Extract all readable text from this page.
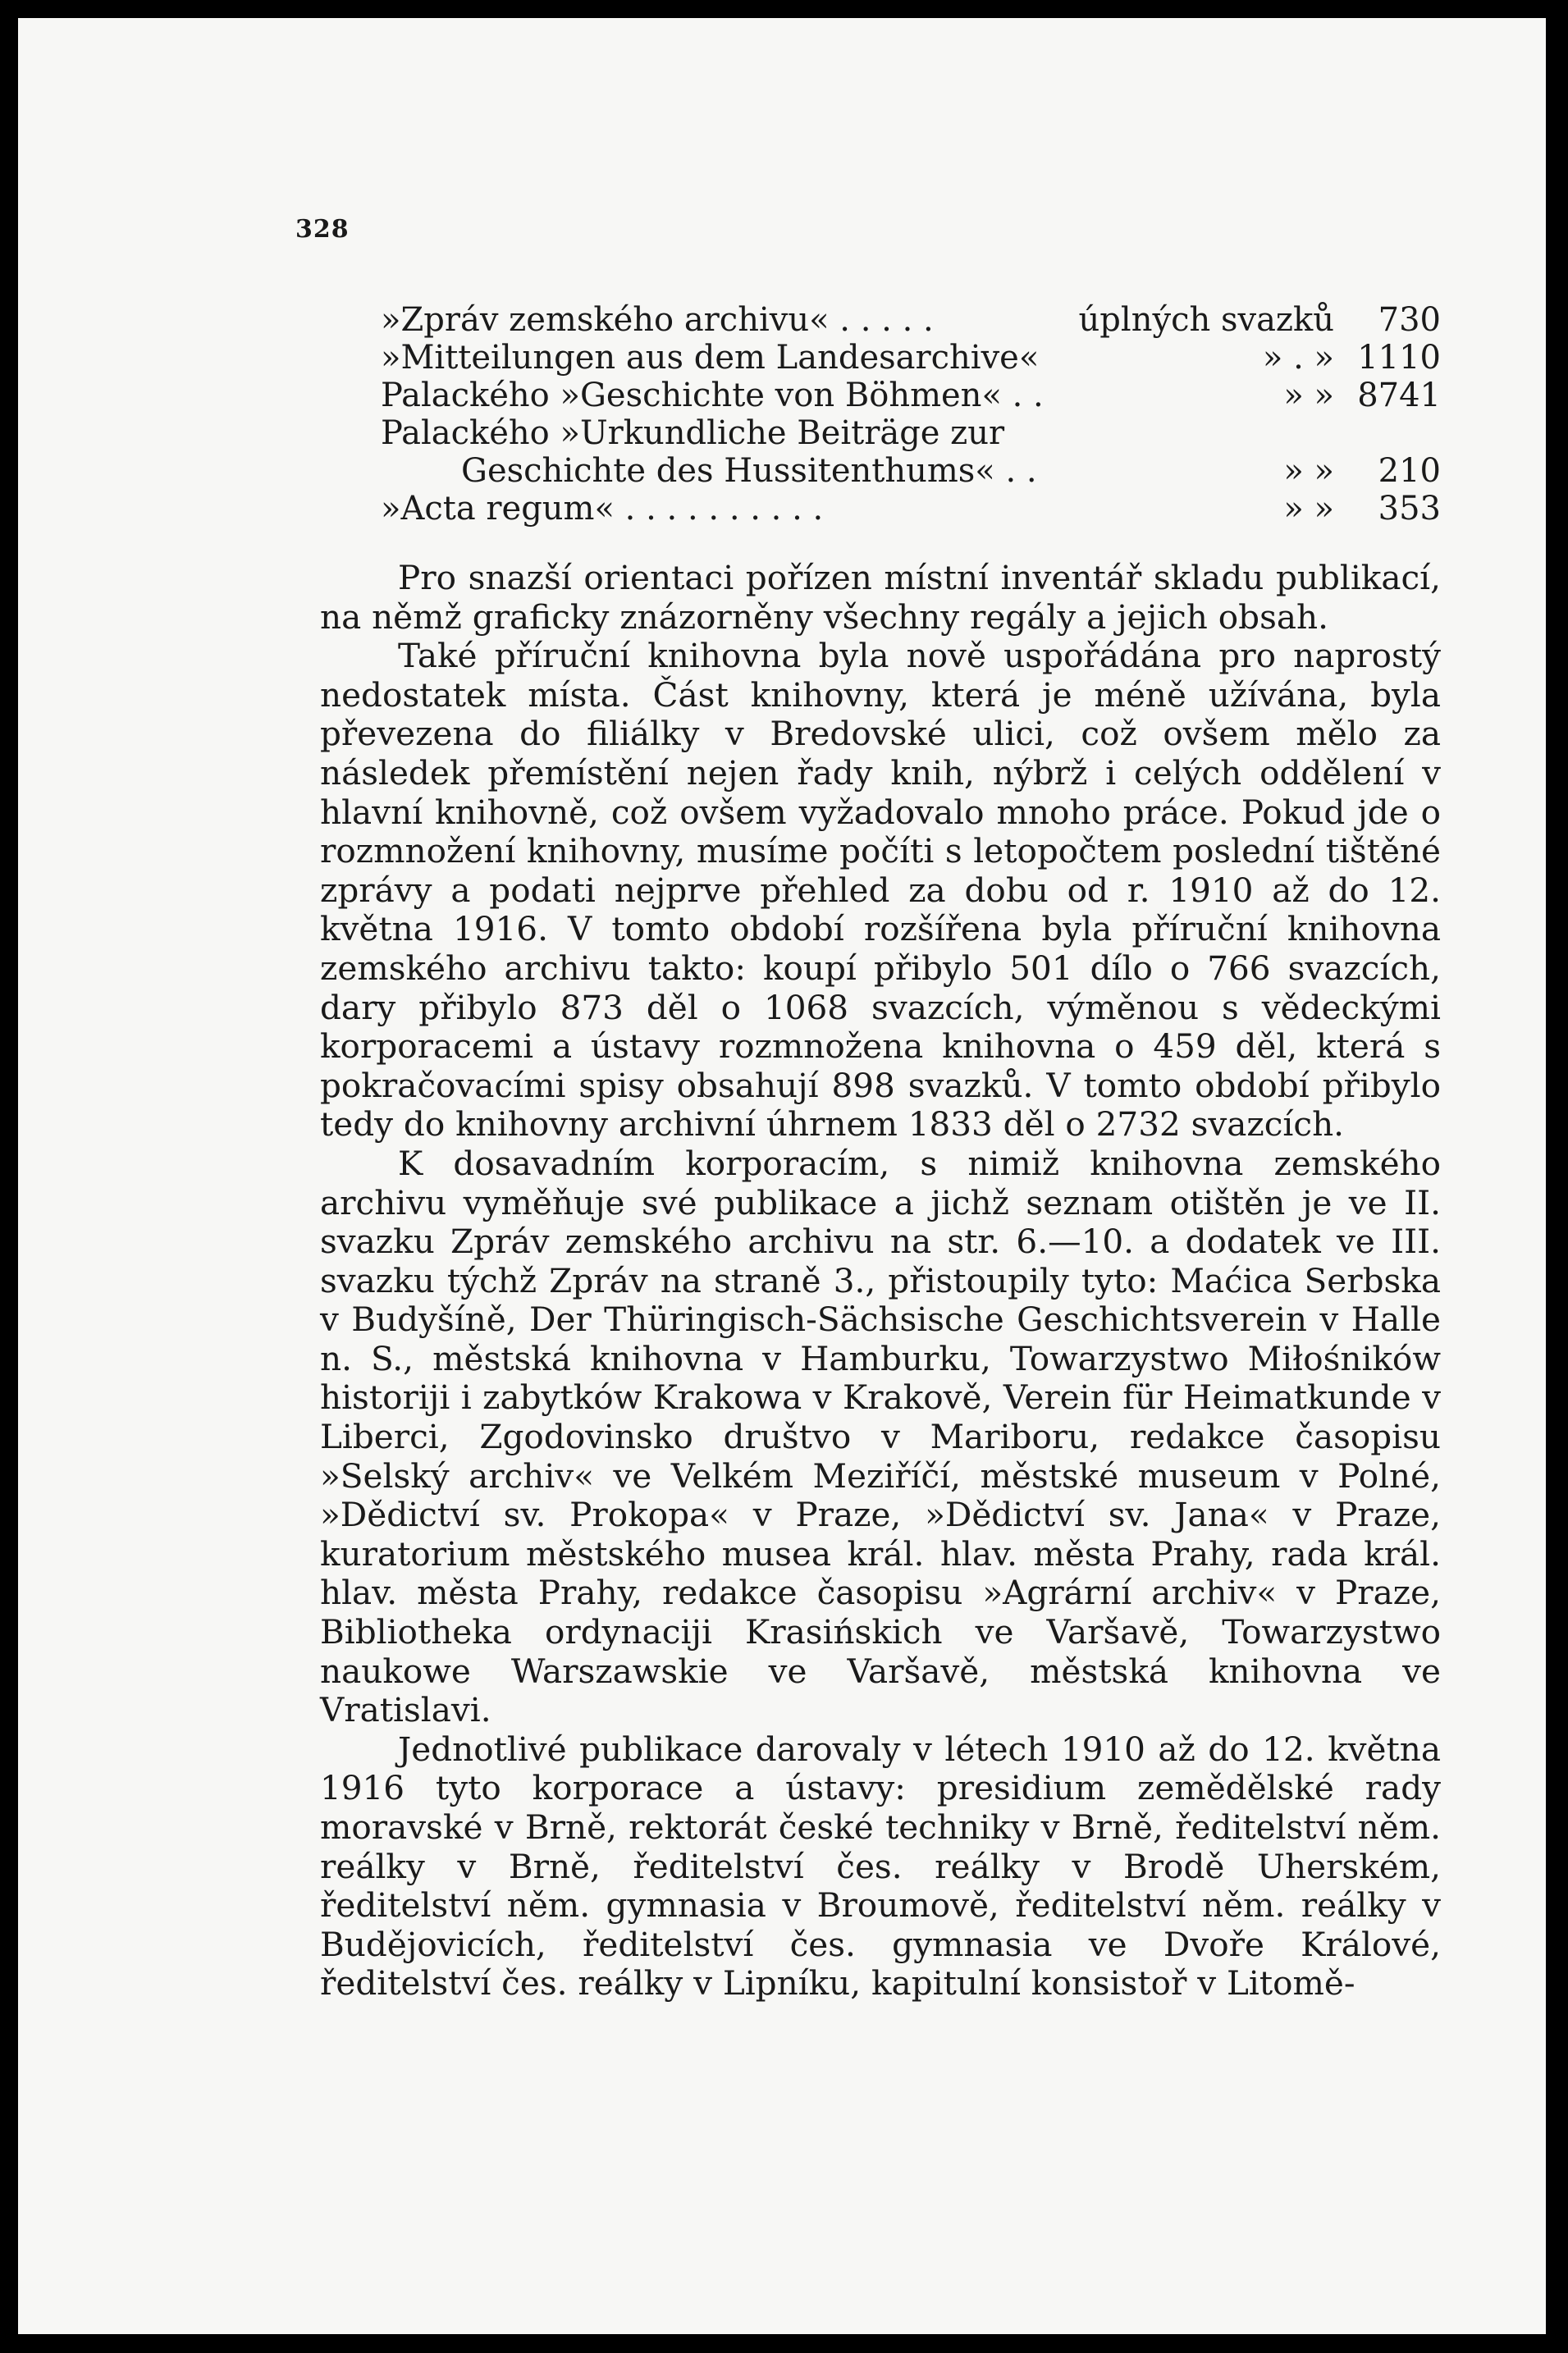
328
»Zpráv zemského archivu« . . . . .	úplných svazků 730
»Mitteilungen aus dem Landesarchive«	» . » 1110
Palackého »Geschichte von Böhmen« . .	» » 8741
Palackého »Urkundliche Beiträge zur
Geschichte des Hussitenthums« . .	» » 210
»Acta regum« . . . . . . . . . .	» » 353

Pro snazší orientaci pořízen místní inventář skladu publikací, na němž graficky znázorněny všechny regály a jejich obsah.

Také příruční knihovna byla nově uspořádána pro naprostý nedostatek místa. Část knihovny, která je méně užívána, byla převezena do filiálky v Bredovské ulici, což ovšem mělo za následek přemístění nejen řady knih, nýbrž i celých oddělení v hlavní knihovně, což ovšem vyžadovalo mnoho práce. Pokud jde o rozmnožení knihovny, musíme počíti s letopočtem poslední tištěné zprávy a podati nejprve přehled za dobu od r. 1910 až do 12. května 1916. V tomto období rozšířena byla příruční knihovna zemského archivu takto: koupí přibylo 501 dílo o 766 svazcích, dary přibylo 873 děl o 1068 svazcích, výměnou s vědeckými korporacemi a ústavy rozmnožena knihovna o 459 děl, která s pokračovacími spisy obsahují 898 svazků. V tomto období přibylo tedy do knihovny archivní úhrnem 1833 děl o 2732 svazcích.

K dosavadním korporacím, s nimiž knihovna zemského archivu vyměňuje své publikace a jichž seznam otištěn je ve II. svazku Zpráv zemského archivu na str. 6.—10. a dodatek ve III. svazku týchž Zpráv na straně 3., přistoupily tyto: Maćica Serbska v Budyšíně, Der Thüringisch-Sächsische Geschichtsverein v Halle n. S., městská knihovna v Hamburku, Towarzystwo Miłośników historiji i zabytków Krakowa v Krakově, Verein für Heimatkunde v Liberci, Zgodovinsko društvo v Mariboru, redakce časopisu »Selský archiv« ve Velkém Meziříčí, městské museum v Polné, »Dědictví sv. Prokopa« v Praze, »Dědictví sv. Jana« v Praze, kuratorium městského musea král. hlav. města Prahy, rada král. hlav. města Prahy, redakce časopisu »Agrární archiv« v Praze, Bibliotheka ordynaciji Krasińskich ve Varšavě, Towarzystwo naukowe Warszawskie ve Varšavě, městská knihovna ve Vratislavi.

Jednotlivé publikace darovaly v létech 1910 až do 12. května 1916 tyto korporace a ústavy: presidium zemědělské rady moravské v Brně, rektorát české techniky v Brně, ředitelství něm. reálky v Brně, ředitelství čes. reálky v Brodě Uherském, ředitelství něm. gymnasia v Broumově, ředitelství něm. reálky v Budějovicích, ředitelství čes. gymnasia ve Dvoře Králové, ředitelství čes. reálky v Lipníku, kapitulní konsistoř v Litomě-
